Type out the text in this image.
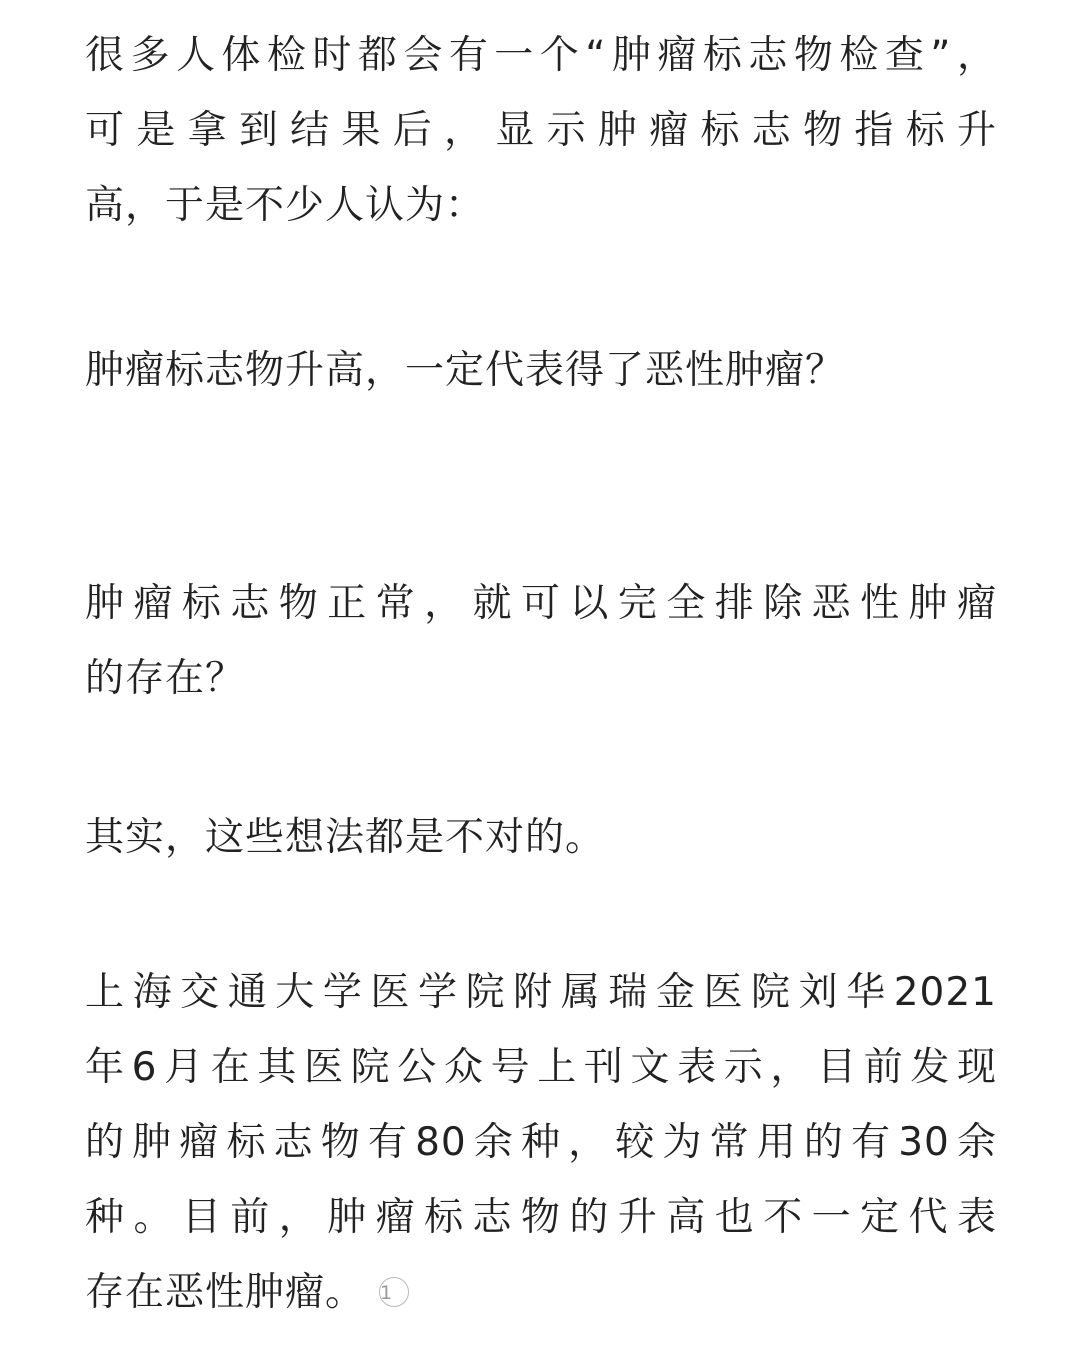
很多人体检时都会有一个“肿瘤标志物检查”，
可是拿到结果后，显示肿瘤标志物指标升
高，于是不少人认为：
肿瘤标志物升高，一定代表得了恶性肿瘤？
肿瘤标志物正常，就可以完全排除恶性肿瘤
的存在？
其实，这些想法都是不对的。
上海交通大学医学院附属瑞金医院刘华2021
年6月在其医院公众号上刊文表示，目前发现
的肿瘤标志物有80余种，较为常用的有30余
种。目前，肿瘤标志物的升高也不一定代表
存在恶性肿瘤。 1
